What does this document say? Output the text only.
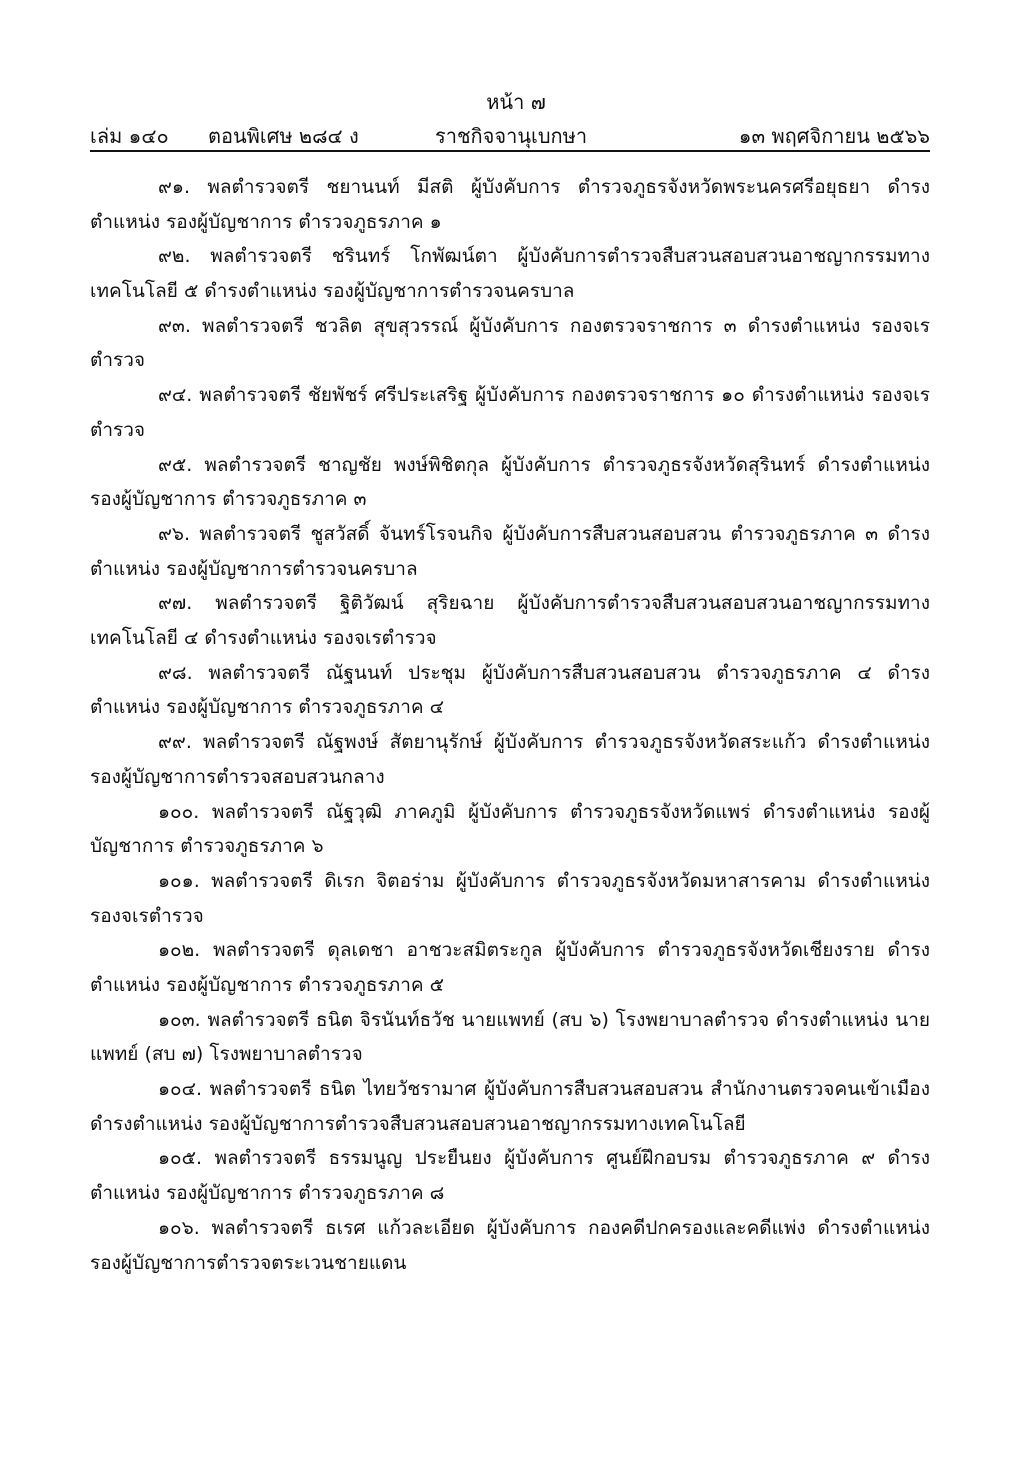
หน้า ๗
เล่ม ๑๔๐ ตอนพิเศษ ๒๘๔ ง	ราชกิจจานุเบกษา	๑๓ พฤศจิกายน ๒๕๖๖

๙๑. พลตำรวจตรี ชยานนท์ มีสติ ผู้บังคับการ ตำรวจภูธรจังหวัดพระนครศรีอยุธยา ดำรงตำแหน่ง รองผู้บัญชาการ ตำรวจภูธรภาค ๑

๙๒. พลตำรวจตรี ชรินทร์ โกพัฒน์ตา ผู้บังคับการตำรวจสืบสวนสอบสวนอาชญากรรมทางเทคโนโลยี ๕ ดำรงตำแหน่ง รองผู้บัญชาการตำรวจนครบาล

๙๓. พลตำรวจตรี ชวลิต สุขสุวรรณ์ ผู้บังคับการ กองตรวจราชการ ๓ ดำรงตำแหน่ง รองจเรตำรวจ

๙๔. พลตำรวจตรี ชัยพัชร์ ศรีประเสริฐ ผู้บังคับการ กองตรวจราชการ ๑๐ ดำรงตำแหน่ง รองจเรตำรวจ

๙๕. พลตำรวจตรี ชาญชัย พงษ์พิชิตกุล ผู้บังคับการ ตำรวจภูธรจังหวัดสุรินทร์ ดำรงตำแหน่ง รองผู้บัญชาการ ตำรวจภูธรภาค ๓

๙๖. พลตำรวจตรี ชูสวัสดิ์ จันทร์โรจนกิจ ผู้บังคับการสืบสวนสอบสวน ตำรวจภูธรภาค ๓ ดำรงตำแหน่ง รองผู้บัญชาการตำรวจนครบาล

๙๗. พลตำรวจตรี ฐิติวัฒน์ สุริยฉาย ผู้บังคับการตำรวจสืบสวนสอบสวนอาชญากรรมทางเทคโนโลยี ๔ ดำรงตำแหน่ง รองจเรตำรวจ

๙๘. พลตำรวจตรี ณัฐนนท์ ประชุม ผู้บังคับการสืบสวนสอบสวน ตำรวจภูธรภาค ๔ ดำรงตำแหน่ง รองผู้บัญชาการ ตำรวจภูธรภาค ๔

๙๙. พลตำรวจตรี ณัฐพงษ์ สัตยานุรักษ์ ผู้บังคับการ ตำรวจภูธรจังหวัดสระแก้ว ดำรงตำแหน่ง รองผู้บัญชาการตำรวจสอบสวนกลาง

๑๐๐. พลตำรวจตรี ณัฐวุฒิ ภาคภูมิ ผู้บังคับการ ตำรวจภูธรจังหวัดแพร่ ดำรงตำแหน่ง รองผู้บัญชาการ ตำรวจภูธรภาค ๖

๑๐๑. พลตำรวจตรี ดิเรก จิตอร่าม ผู้บังคับการ ตำรวจภูธรจังหวัดมหาสารคาม ดำรงตำแหน่ง รองจเรตำรวจ

๑๐๒. พลตำรวจตรี ดุลเดชา อาชวะสมิตระกูล ผู้บังคับการ ตำรวจภูธรจังหวัดเชียงราย ดำรงตำแหน่ง รองผู้บัญชาการ ตำรวจภูธรภาค ๕

๑๐๓. พลตำรวจตรี ธนิต จิรนันท์ธวัช นายแพทย์ (สบ ๖) โรงพยาบาลตำรวจ ดำรงตำแหน่ง นายแพทย์ (สบ ๗) โรงพยาบาลตำรวจ

๑๐๔. พลตำรวจตรี ธนิต ไทยวัชรามาศ ผู้บังคับการสืบสวนสอบสวน สำนักงานตรวจคนเข้าเมือง ดำรงตำแหน่ง รองผู้บัญชาการตำรวจสืบสวนสอบสวนอาชญากรรมทางเทคโนโลยี

๑๐๕. พลตำรวจตรี ธรรมนูญ ประยืนยง ผู้บังคับการ ศูนย์ฝึกอบรม ตำรวจภูธรภาค ๙ ดำรงตำแหน่ง รองผู้บัญชาการ ตำรวจภูธรภาค ๘

๑๐๖. พลตำรวจตรี ธเรศ แก้วละเอียด ผู้บังคับการ กองคดีปกครองและคดีแพ่ง ดำรงตำแหน่ง รองผู้บัญชาการตำรวจตระเวนชายแดน
